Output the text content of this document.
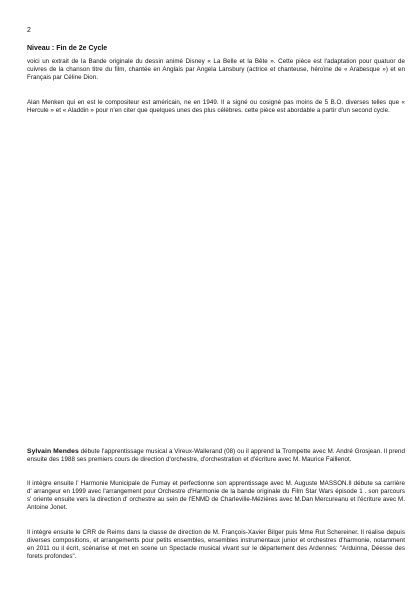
2
Niveau : Fin de 2e Cycle

voici un extrait de la Bande originale du dessin animé Disney « La Belle et la Bête ». Cette pièce est l'adaptation pour quatuor de cuivres de la chanson titre du film, chantée en Anglais par Angela Lansbury (actrice et chanteuse, héroïne de « Arabesque ») et en Français par Céline Dion.

Alan Menken qui en est le compositeur est américain, ne en 1949. Il a signé ou cosigné pas moins de 5 B.O. diverses telles que « Hercule » et « Aladdin » pour n'en citer que quelques unes des plus célèbres. cette pièce est abordable a partir d'un second cycle.

Sylvain Mendes débute l'apprentissage musical a Vireux-Wallerand (08) ou il apprend la Trompette avec M. André Grosjean. Il prend ensuite des 1988 ses premiers cours de direction d'orchestre, d'orchestration et d'écriture avec M. Maurice Faillenot.

Il intègre ensuite l' Harmonie Municipale de Fumay et perfectionne son apprentissage avec M. Auguste MASSON.Il débute sa carrière d' arrangeur en 1999 avec l'arrangement pour Orchestre d'Harmonie de la bande originale du Film Star Wars épisode 1 . son parcours s' oriente ensuite vers la direction d' orchestre au sein de l'ENMD de Charleville-Mézières avec M.Dan Mercureanu et l'écriture avec M. Antoine Jonet.

Il intègre ensuite le CRR de Reims dans la classe de direction de M. François-Xavier Bilger puis Mme Rut Schereiner. Il réalise depuis diverses compositions, et arrangements pour petits ensembles, ensembles instrumentaux junior et orchestres d'harmonie, notamment en 2011 ou il écrit, scénarise et met en scene un Spectacle musical vivant sur le département des Ardennes: "Arduinna, Déesse des forets profondes".
